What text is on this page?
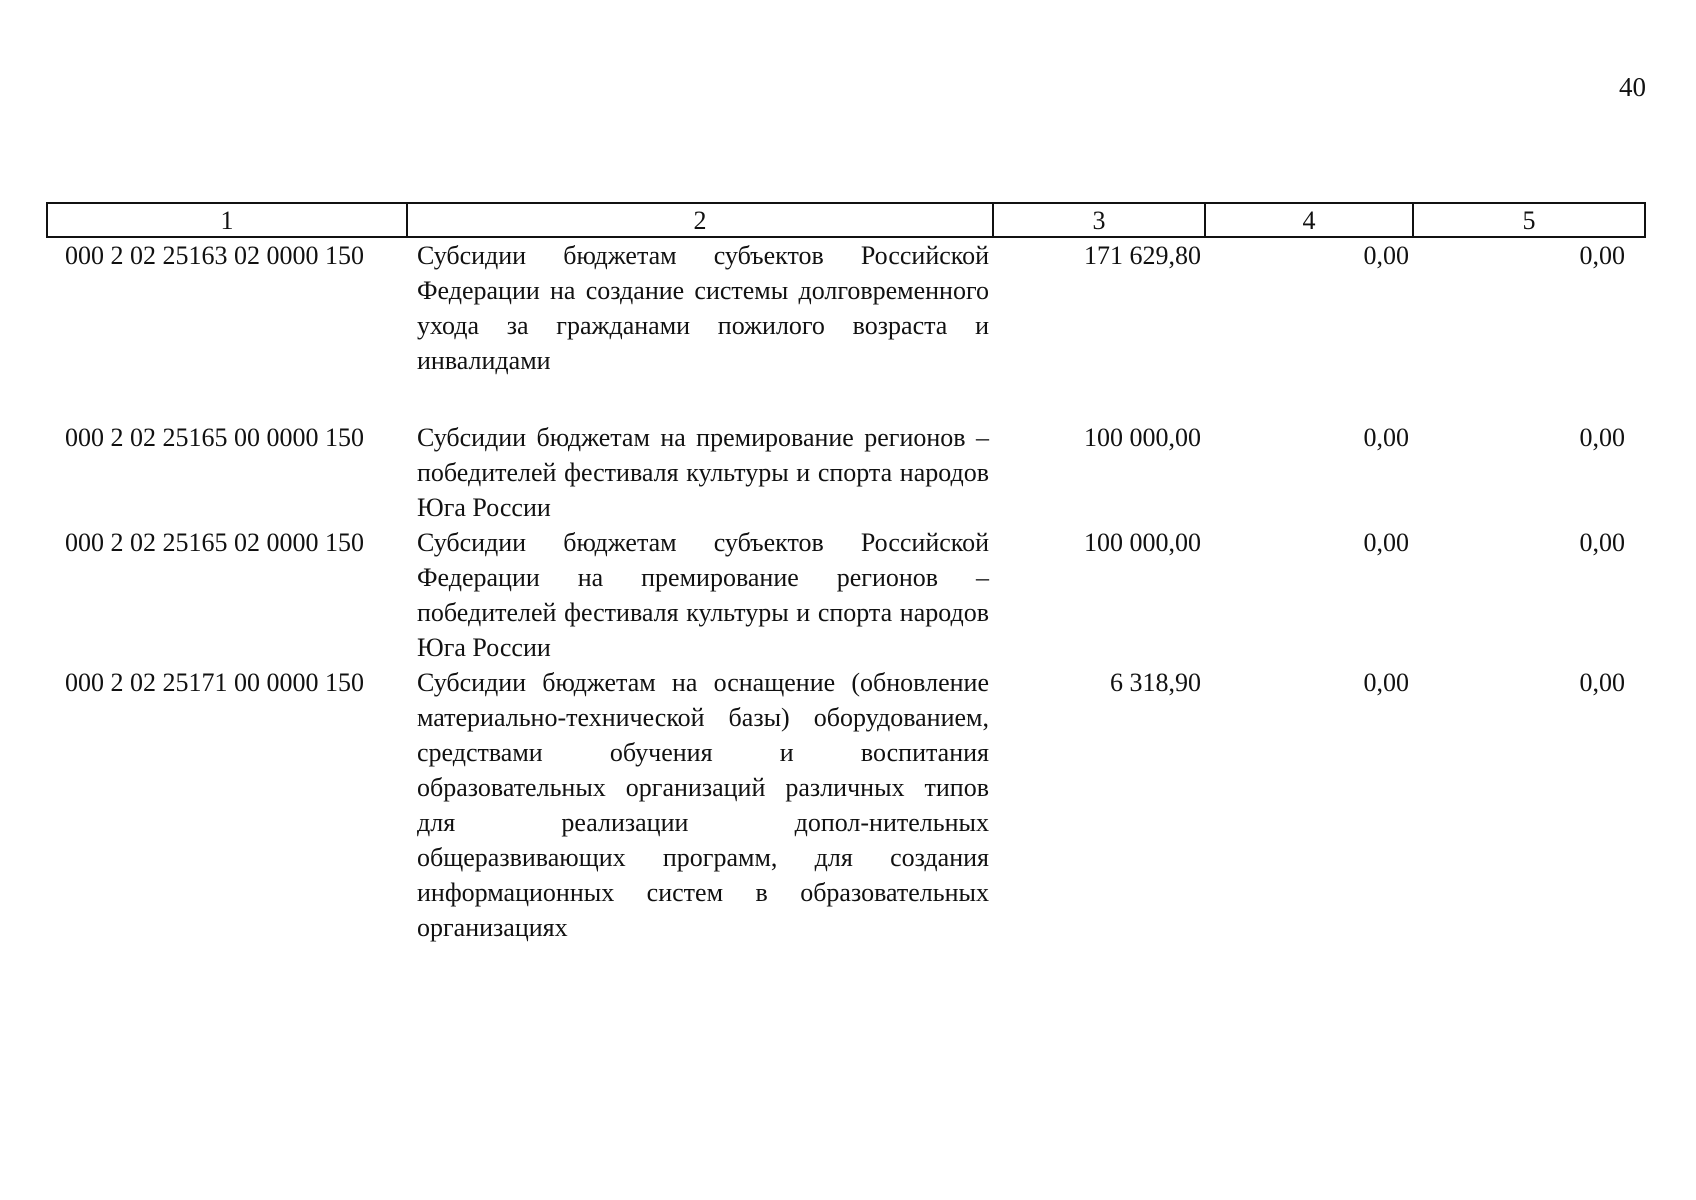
40
1	2	3	4	5
000 2 02 25163 02 0000 150	Субсидии бюджетам субъектов Российской Федерации на создание системы долговременного ухода за гражданами пожилого возраста и инвалидами	171 629,80	0,00	0,00
000 2 02 25165 00 0000 150	Субсидии бюджетам на премирование регионов – победителей фестиваля культуры и спорта народов Юга России	100 000,00	0,00	0,00
000 2 02 25165 02 0000 150	Субсидии бюджетам субъектов Российской Федерации на премирование регионов – победителей фестиваля культуры и спорта народов Юга России	100 000,00	0,00	0,00
000 2 02 25171 00 0000 150	Субсидии бюджетам на оснащение (обновление материально-технической базы) оборудованием, средствами обучения и воспитания образовательных организаций различных типов для реализации допол-нительных общеразвивающих программ, для создания информационных систем в образовательных организациях	6 318,90	0,00	0,00
